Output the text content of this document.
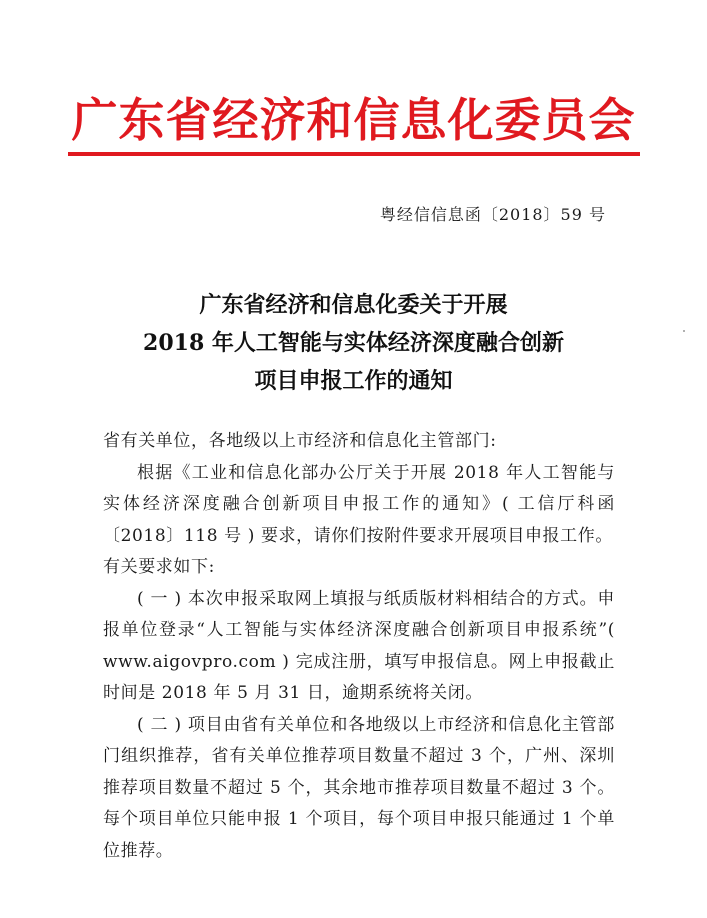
广东省经济和信息化委员会
粤经信信息函〔2018〕59 号
广东省经济和信息化委关于开展
2018 年人工智能与实体经济深度融合创新
项目申报工作的通知

省有关单位，各地级以上市经济和信息化主管部门:

根据《工业和信息化部办公厅关于开展 2018 年人工智能与实体经济深度融合创新项目申报工作的通知》( 工信厅科函〔2018〕118 号 ) 要求，请你们按附件要求开展项目申报工作。

有关要求如下:

( 一 ) 本次申报采取网上填报与纸质版材料相结合的方式。申报单位登录“人工智能与实体经济深度融合创新项目申报系统”( www.aigovpro.com ) 完成注册，填写申报信息。网上申报截止时间是 2018 年 5 月 31 日，逾期系统将关闭。

( 二 ) 项目由省有关单位和各地级以上市经济和信息化主管部门组织推荐，省有关单位推荐项目数量不超过 3 个，广州、深圳推荐项目数量不超过 5 个，其余地市推荐项目数量不超过 3 个。每个项目单位只能申报 1 个项目，每个项目申报只能通过 1 个单位推荐。
